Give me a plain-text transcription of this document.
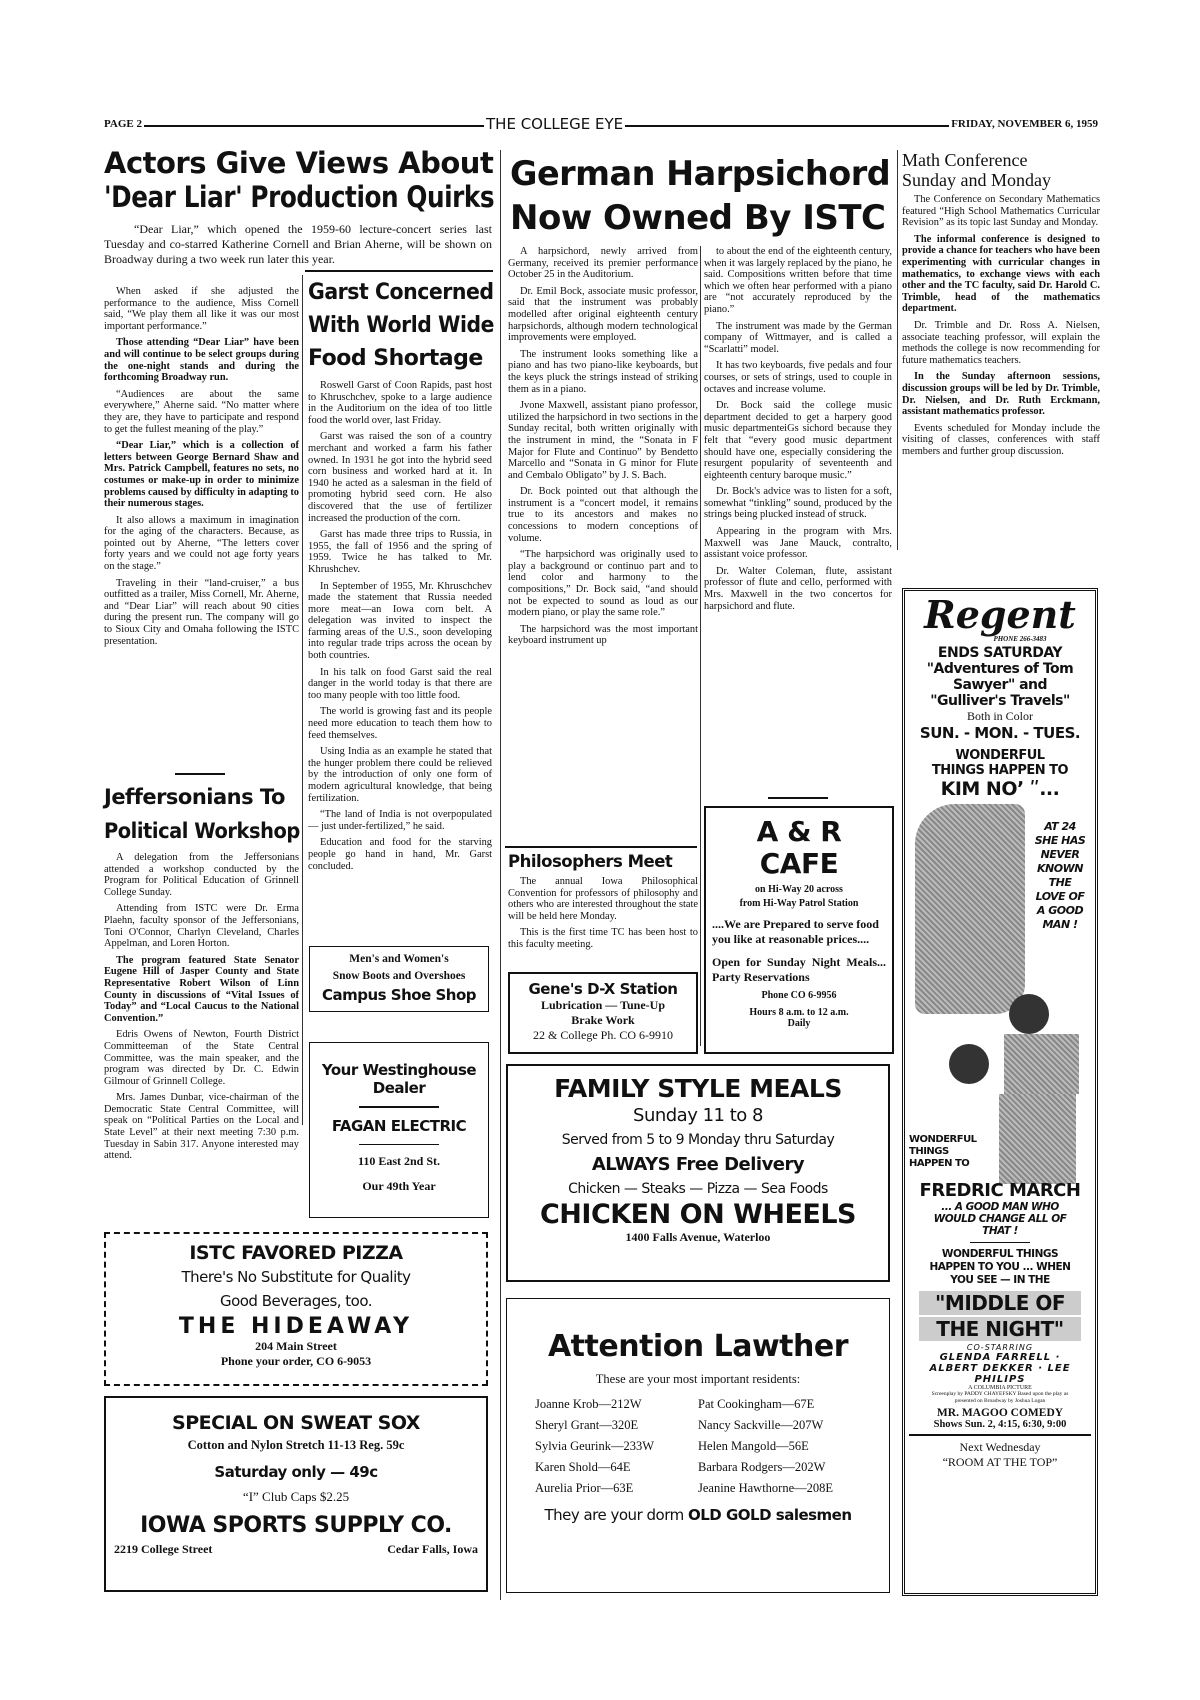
PAGE 2	THE COLLEGE EYE	FRIDAY, NOVEMBER 6, 1959
Actors Give Views About
'Dear Liar' Production Quirks

“Dear Liar,” which opened the 1959-60 lecture-concert series last Tuesday and co-starred Katherine Cornell and Brian Aherne, will be shown on Broadway during a two week run later this year.

When asked if she adjusted the performance to the audience, Miss Cornell said, “We play them all like it was our most important performance.”

Those attending “Dear Liar” have been and will continue to be select groups during the one-night stands and during the forthcoming Broadway run.

“Audiences are about the same everywhere,” Aherne said. “No matter where they are, they have to participate and respond to get the fullest meaning of the play.”

“Dear Liar,” which is a collection of letters between George Bernard Shaw and Mrs. Patrick Campbell, features no sets, no costumes or make-up in order to minimize problems caused by difficulty in adapting to their numerous stages.

It also allows a maximum in imagination for the aging of the characters. Because, as pointed out by Aherne, “The letters cover forty years and we could not age forty years on the stage.”

Traveling in their “land-cruiser,” a bus outfitted as a trailer, Miss Cornell, Mr. Aherne, and “Dear Liar” will reach about 90 cities during the present run. The company will go to Sioux City and Omaha following the ISTC presentation.

Jeffersonians To
Political Workshop

A delegation from the Jeffersonians attended a workshop conducted by the Program for Political Education of Grinnell College Sunday.

Attending from ISTC were Dr. Erma Plaehn, faculty sponsor of the Jeffersonians, Toni O'Connor, Charlyn Cleveland, Charles Appelman, and Loren Horton.

The program featured State Senator Eugene Hill of Jasper County and State Representative Robert Wilson of Linn County in discussions of “Vital Issues of Today” and “Local Caucus to the National Convention.”

Edris Owens of Newton, Fourth District Committeeman of the State Central Committee, was the main speaker, and the program was directed by Dr. C. Edwin Gilmour of Grinnell College.

Mrs. James Dunbar, vice-chairman of the Democratic State Central Committee, will speak on “Political Parties on the Local and State Level” at their next meeting 7:30 p.m. Tuesday in Sabin 317. Anyone interested may attend.

Garst Concerned
With World Wide
Food Shortage

Roswell Garst of Coon Rapids, past host to Khruschchev, spoke to a large audience in the Auditorium on the idea of too little food the world over, last Friday.

Garst was raised the son of a country merchant and worked a farm his father owned. In 1931 he got into the hybrid seed corn business and worked hard at it. In 1940 he acted as a salesman in the field of promoting hybrid seed corn. He also discovered that the use of fertilizer increased the production of the corn.

Garst has made three trips to Russia, in 1955, the fall of 1956 and the spring of 1959. Twice he has talked to Mr. Khrushchev.

In September of 1955, Mr. Khruschchev made the statement that Russia needed more meat—an Iowa corn belt. A delegation was invited to inspect the farming areas of the U.S., soon developing into regular trade trips across the ocean by both countries.

In his talk on food Garst said the real danger in the world today is that there are too many people with too little food.

The world is growing fast and its people need more education to teach them how to feed themselves.

Using India as an example he stated that the hunger problem there could be relieved by the introduction of only one form of modern agricultural knowledge, that being fertilization.

“The land of India is not overpopulated — just under-fertilized,” he said.

Education and food for the starving people go hand in hand, Mr. Garst concluded.

Men's and Women's
Snow Boots and Overshoes
Campus Shoe Shop
Your Westinghouse
Dealer
FAGAN ELECTRIC
110 East 2nd St.
Our 49th Year
ISTC FAVORED PIZZA
There's No Substitute for Quality
Good Beverages, too.
THE HIDEAWAY
204 Main Street
Phone your order, CO 6-9053
SPECIAL ON SWEAT SOX
Cotton and Nylon Stretch 11-13 Reg. 59c
Saturday only — 49c
“I” Club Caps $2.25
IOWA SPORTS SUPPLY CO.
2219 College Street	Cedar Falls, Iowa
German Harpsichord
Now Owned By ISTC

A harpsichord, newly arrived from Germany, received its premier performance October 25 in the Auditorium.

Dr. Emil Bock, associate music professor, said that the instrument was probably modelled after original eighteenth century harpsichords, although modern technological improvements were employed.

The instrument looks something like a piano and has two piano-like keyboards, but the keys pluck the strings instead of striking them as in a piano.

Jvone Maxwell, assistant piano professor, utilized the harpsichord in two sections in the Sunday recital, both written originally with the instrument in mind, the “Sonata in F Major for Flute and Continuo” by Bendetto Marcello and “Sonata in G minor for Flute and Cembalo Obligato” by J. S. Bach.

Dr. Bock pointed out that although the instrument is a “concert model, it remains true to its ancestors and makes no concessions to modern conceptions of volume.

“The harpsichord was originally used to play a background or continuo part and to lend color and harmony to the compositions,” Dr. Bock said, “and should not be expected to sound as loud as our modern piano, or play the same role.”

The harpsichord was the most important keyboard instrument up

to about the end of the eighteenth century, when it was largely replaced by the piano, he said. Compositions written before that time which we often hear performed with a piano are “not accurately reproduced by the piano.”

The instrument was made by the German company of Wittmayer, and is called a “Scarlatti” model.

It has two keyboards, five pedals and four courses, or sets of strings, used to couple in octaves and increase volume.

Dr. Bock said the college music department decided to get a harpery good music departmenteiGs sichord because they felt that “every good music department should have one, especially considering the resurgent popularity of seventeenth and eighteenth century baroque music.”

Dr. Bock's advice was to listen for a soft, somewhat “tinkling” sound, produced by the strings being plucked instead of struck.

Appearing in the program with Mrs. Maxwell was Jane Mauck, contralto, assistant voice professor.

Dr. Walter Coleman, flute, assistant professor of flute and cello, performed with Mrs. Maxwell in the two concertos for harpsichord and flute.

Philosophers Meet

The annual Iowa Philosophical Convention for professors of philosophy and others who are interested throughout the state will be held here Monday.

This is the first time TC has been host to this faculty meeting.

Gene's D-X Station
Lubrication — Tune-Up
Brake Work
22 & College Ph. CO 6-9910
A & R
CAFE
on Hi-Way 20 across
from Hi-Way Patrol Station
....We are Prepared to serve food you like at reasonable prices....
Open for Sunday Night Meals... Party Reservations
Phone CO 6-9956
Hours 8 a.m. to 12 a.m.
Daily
FAMILY STYLE MEALS
Sunday 11 to 8
Served from 5 to 9 Monday thru Saturday
ALWAYS Free Delivery
Chicken — Steaks — Pizza — Sea Foods
CHICKEN ON WHEELS
1400 Falls Avenue, Waterloo
Attention Lawther
These are your most important residents:
Joanne Krob—212W	Pat Cookingham—67E
Sheryl Grant—320E	Nancy Sackville—207W
Sylvia Geurink—233W	Helen Mangold—56E
Karen Shold—64E	Barbara Rodgers—202W
Aurelia Prior—63E	Jeanine Hawthorne—208E
They are your dorm OLD GOLD salesmen
Math Conference
Sunday and Monday

The Conference on Secondary Mathematics featured “High School Mathematics Curricular Revision” as its topic last Sunday and Monday.

The informal conference is designed to provide a chance for teachers who have been experimenting with curricular changes in mathematics, to exchange views with each other and the TC faculty, said Dr. Harold C. Trimble, head of the mathematics department.

Dr. Trimble and Dr. Ross A. Nielsen, associate teaching professor, will explain the methods the college is now recommending for future mathematics teachers.

In the Sunday afternoon sessions, discussion groups will be led by Dr. Trimble, Dr. Nielsen, and Dr. Ruth Erckmann, assistant mathematics professor.

Events scheduled for Monday include the visiting of classes, conferences with staff members and further group discussion.

Regent
PHONE 266-3483
ENDS SATURDAY
"Adventures of Tom Sawyer" and
"Gulliver's Travels"
Both in Color
SUN. - MON. - TUES.
WONDERFUL THINGS HAPPEN TO
KIM NOʼ ʺ...
AT 24 SHE HAS NEVER KNOWN THE LOVE OF A GOOD MAN !
WONDERFUL THINGS HAPPEN TO
FREDRIC MARCH
... A GOOD MAN WHO WOULD CHANGE ALL OF THAT !
WONDERFUL THINGS HAPPEN TO YOU ... WHEN YOU SEE — IN THE
"MIDDLE OF
THE NIGHT"
CO-STARRING
GLENDA FARRELL · ALBERT DEKKER · LEE PHILIPS
A COLUMBIA PICTURE
Screenplay by PADDY CHAYEFSKY Based upon the play as presented on Broadway by Joshua Logan
MR. MAGOO COMEDY
Shows Sun. 2, 4:15, 6:30, 9:00
Next Wednesday
“ROOM AT THE TOP”
